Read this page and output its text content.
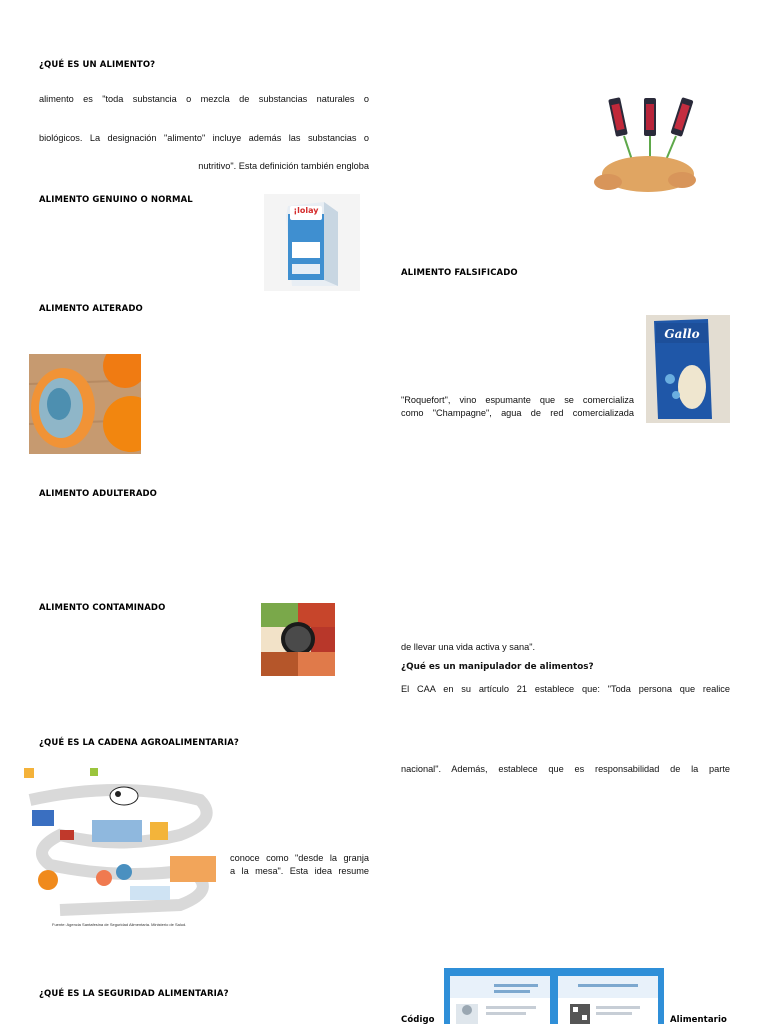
¿QUÉ ES UN ALIMENTO?
alimento es "toda substancia o mezcla de substancias naturales o
biológicos. La designación "alimento" incluye además las substancias o
nutritivo". Esta definición también engloba
ALIMENTO GENUINO O NORMAL
¡lolay
ALIMENTO ALTERADO
ALIMENTO ADULTERADO
ALIMENTO CONTAMINADO
¿QUÉ ES LA CADENA AGROALIMENTARIA?
Fuente: Agencia Santafesina de Seguridad Alimentaria. Ministerio de Salud.
conoce como "desde la granja
a la mesa". Esta idea resume
¿QUÉ ES LA SEGURIDAD ALIMENTARIA?
ALIMENTO FALSIFICADO
Gallo
"Roquefort", vino espumante que se comercializa
como "Champagne", agua de red comercializada
de llevar una vida activa y sana".
¿Qué es un manipulador de alimentos?
El CAA en su artículo 21 establece que: "Toda persona que realice
nacional". Además, establece que es responsabilidad de la parte
Código	Alimentario
